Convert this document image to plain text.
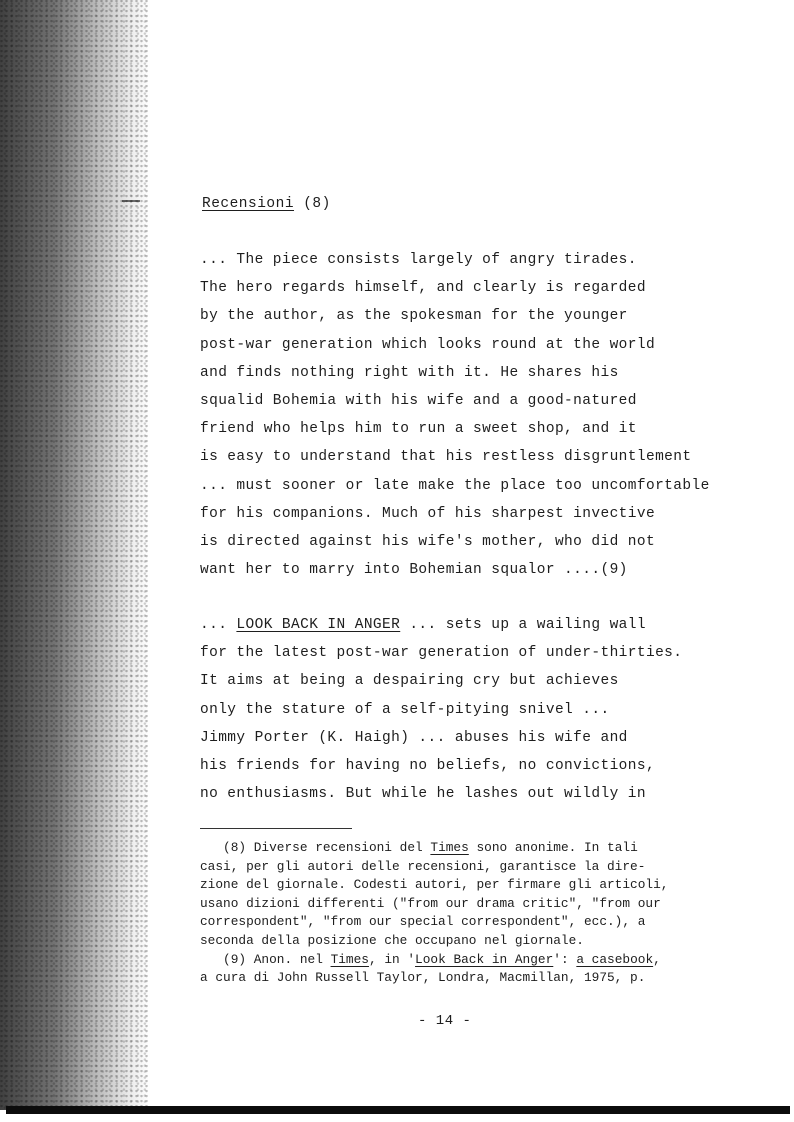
Recensioni (8)
... The piece consists largely of angry tirades.
The hero regards himself, and clearly is regarded
by the author, as the spokesman for the younger
post-war generation which looks round at the world
and finds nothing right with it. He shares his
squalid Bohemia with his wife and a good-natured
friend who helps him to run a sweet shop, and it
is easy to understand that his restless disgruntlement
... must sooner or late make the place too uncomfortable
for his companions. Much of his sharpest invective
is directed against his wife's mother, who did not
want her to marry into Bohemian squalor ....(9)
... LOOK BACK IN ANGER ... sets up a wailing wall
for the latest post-war generation of under-thirties.
It aims at being a despairing cry but achieves
only the stature of a self-pitying snivel ...
Jimmy Porter (K. Haigh) ... abuses his wife and
his friends for having no beliefs, no convictions,
no enthusiasms. But while he lashes out wildly in
(8) Diverse recensioni del Times sono anonime. In tali
casi, per gli autori delle recensioni, garantisce la dire-
zione del giornale. Codesti autori, per firmare gli articoli,
usano dizioni differenti ("from our drama critic", "from our
correspondent", "from our special correspondent", ecc.), a
seconda della posizione che occupano nel giornale.
(9) Anon. nel Times, in 'Look Back in Anger': a casebook,
a cura di John Russell Taylor, Londra, Macmillan, 1975, p.
- 14 -
